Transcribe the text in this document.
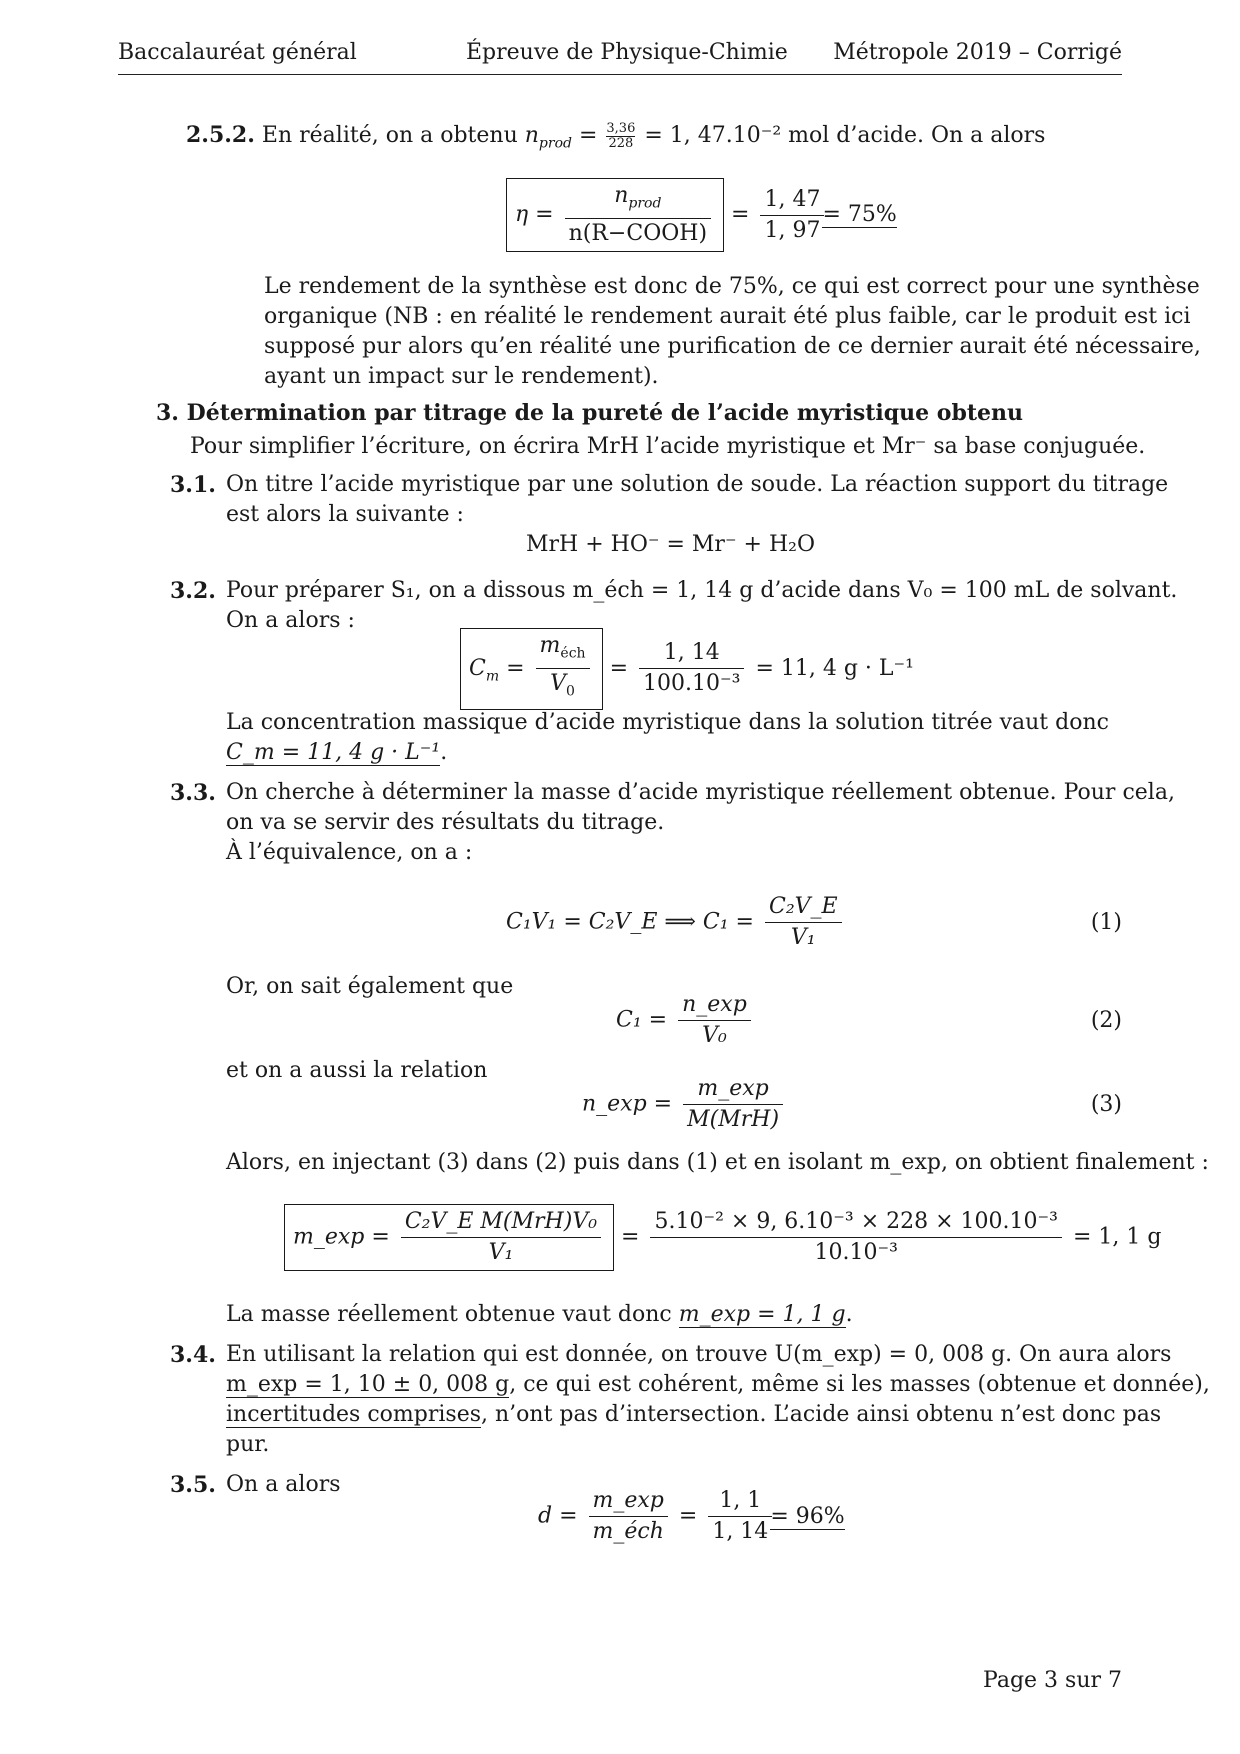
Baccalauréat général	Épreuve de Physique-Chimie Métropole 2019 – Corrigé
2.5.2. En réalité, on a obtenu $n_{prod} = \frac{3,36}{228} = 1$, 47.10⁻² mol d’acide. On a alors
$\eta = \frac{n_{prod}}{\text{n(R−COOH)}} = \frac{1, 47}{1, 97}$
= 75%
Le rendement de la synthèse est donc de 75%, ce qui est correct pour une synthèse
organique (NB : en réalité le rendement aurait été plus faible, car le produit est ici
supposé pur alors qu’en réalité une purification de ce dernier aurait été nécessaire,
ayant un impact sur le rendement).
3. Détermination par titrage de la pureté de l’acide myristique obtenu
Pour simplifier l’écriture, on écrira MrH l’acide myristique et Mr⁻ sa base conjuguée.
3.1. On titre l’acide myristique par une solution de soude. La réaction support du titrage
est alors la suivante :
MrH + HO⁻ = Mr⁻ + H₂O
3.2. Pour préparer S₁, on a dissous m_éch = 1, 14 g d’acide dans V₀ = 100 mL de solvant.
On a alors :
$C_m = \frac{m_{éch}}{V_0} = \frac{1, 14}{\text{100.10⁻³}} = 11$, 4 g · L⁻¹
La concentration massique d’acide myristique dans la solution titrée vaut donc
C_m = 11, 4 g · L⁻¹.
3.3. On cherche à déterminer la masse d’acide myristique réellement obtenue. Pour cela,
on va se servir des résultats du titrage.
À l’équivalence, on a :
C₁V₁ = C₂V_E ⟹ $C_1 = \frac{\text{C₂V\_E}}{\text{V₁}}$	(1)
Or, on sait également que
$C_1 = \frac{n\_\exp}{\text{V₀}}$	(2)
et on a aussi la relation
n_exp = $\frac{m\_\exp}{\text{M(MrH)}}$	(3)
Alors, en injectant (3) dans (2) puis dans (1) et en isolant m_exp, on obtient finalement :
m_exp = $\frac{\text{C₂V\_E M(MrH)V₀}}{\text{V₁}} = \frac{\text{5.10⁻² × 9, 6.10⁻³ × 228 × 100.10⁻³}}{\text{10.10⁻³}} = 1$, 1 g
La masse réellement obtenue vaut donc m_exp = 1, 1 g.
3.4. En utilisant la relation qui est donnée, on trouve U(m_exp) = 0, 008 g. On aura alors
m_exp = 1, 10 ± 0, 008 g, ce qui est cohérent, même si les masses (obtenue et donnée),
incertitudes comprises, n’ont pas d’intersection. L’acide ainsi obtenu n’est donc pas
pur.
3.5. On a alors
$d = \frac{m\_\exp}{\text{m\_éch}} = \frac{1, 1}{1, 14}$
= 96%
Page 3 sur 7
